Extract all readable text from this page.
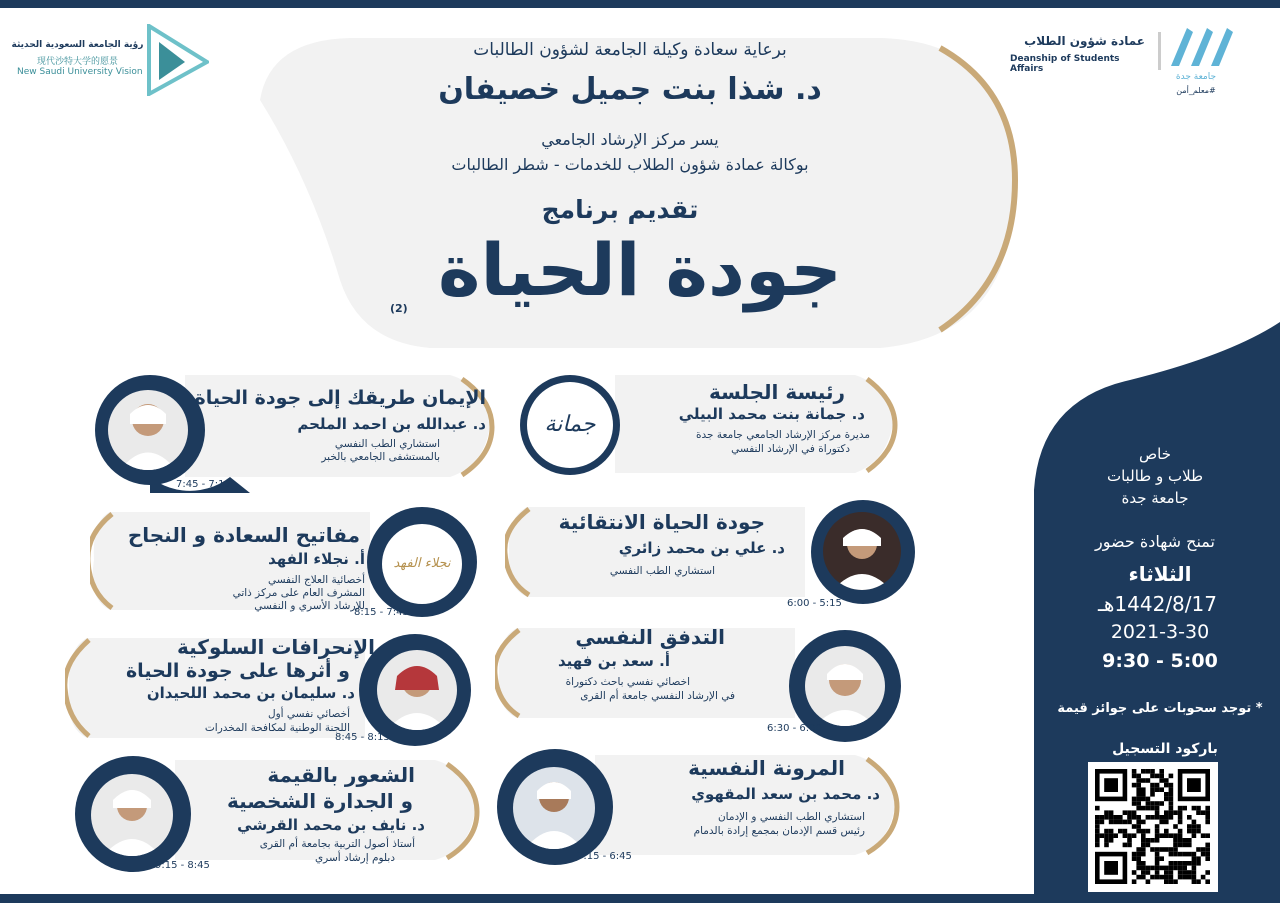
رؤية الجامعة السعودية الحديثة
现代沙特大学的愿景
New Saudi University Vision
عمادة شؤون الطلاب
Deanship of Students Affairs
جامعة جدة
#معلم_أمن
برعاية سعادة وكيلة الجامعة لشؤون الطالبات
د. شذا بنت جميل خصيفان
يسر مركز الإرشاد الجامعي
بوكالة عمادة شؤون الطلاب للخدمات - شطر الطالبات
تقديم برنامج
جودة الحياة
(2)
الإيمان طريقك إلى جودة الحياة
د. عبدالله بن احمد الملحم
استشاري الطب النفسي
بالمستشفى الجامعي بالخبر
7:45 - 7:15
جمانة
رئيسة الجلسة
د. جمانة بنت محمد البيلي
مديرة مركز الإرشاد الجامعي جامعة جدة
دكتوراة في الإرشاد النفسي
نجلاء الفهد
مفاتيح السعادة و النجاح
أ. نجلاء الفهد
أخصائية العلاج النفسي
المشرف العام على مركز ذاتي
للإرشاد الأسري و النفسي
8:15 - 7:45
جودة الحياة الانتقائية
د. علي بن محمد زائري
استشاري الطب النفسي
6:00 - 5:15
الإنحرافات السلوكية
و أثرها على جودة الحياة
د. سليمان بن محمد اللحيدان
أخصائي نفسي أول
اللجنة الوطنية لمكافحة المخدرات
8:45 - 8:15
التدفق النفسي
أ. سعد بن فهيد
اخصائي نفسي باحث دكتوراة
في الإرشاد النفسي جامعة أم القرى
6:30 - 6:00
المرونة النفسية
د. محمد بن سعد المقهوي
استشاري الطب النفسي و الإدمان
رئيس قسم الإدمان بمجمع إرادة بالدمام
7:15 - 6:45
الشعور بالقيمة
و الجدارة الشخصية
د. نايف بن محمد القرشي
أستاذ أصول التربية بجامعة أم القرى
دبلوم إرشاد أسري
9:15 - 8:45
خاص
طلاب و طالبات
جامعة جدة
تمنح شهادة حضور
الثلاثاء
1442/8/17هـ
2021-3-30
9:30 - 5:00
* توجد سحوبات على جوائز قيمة
باركود التسجيل
